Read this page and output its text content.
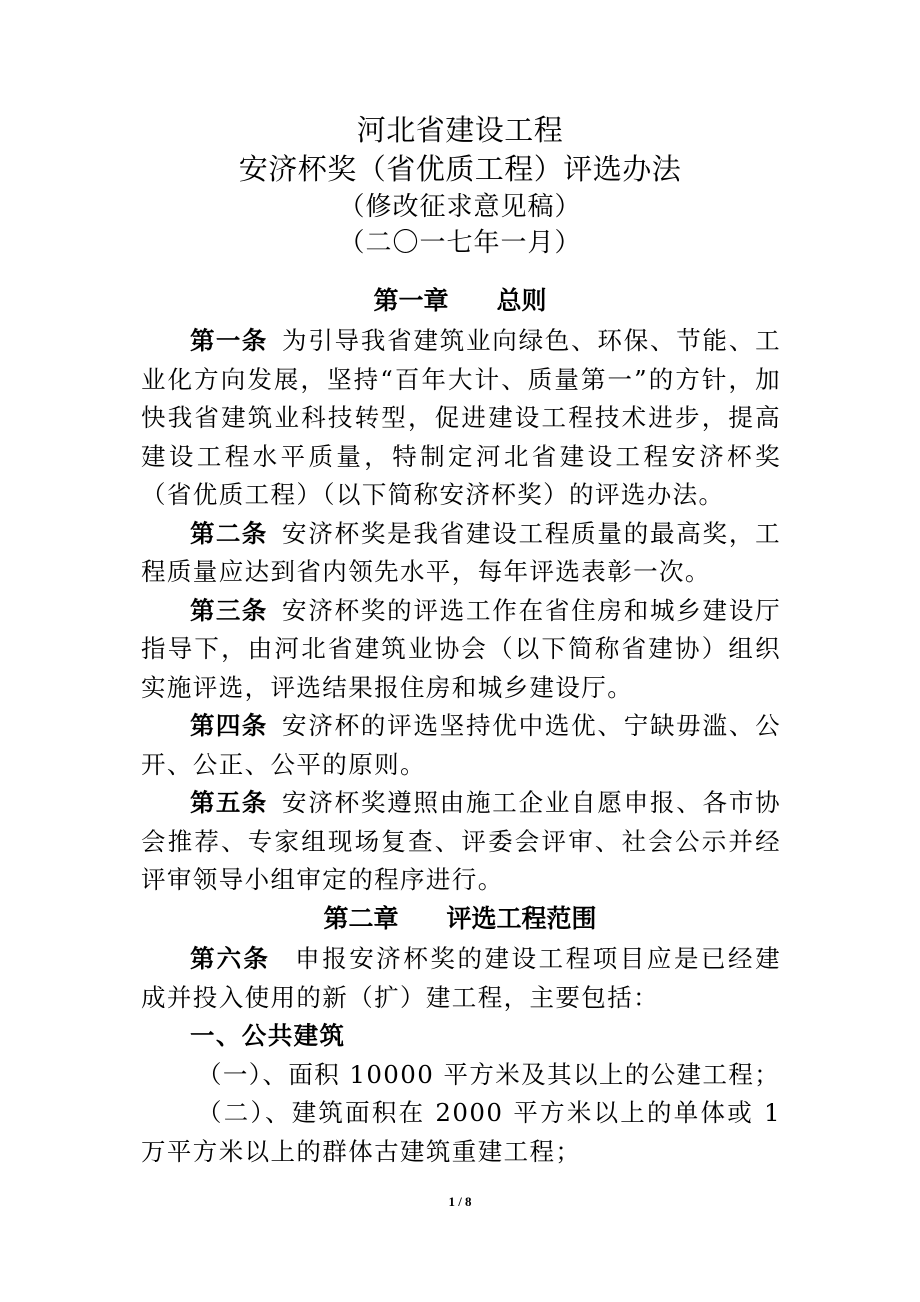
河北省建设工程
安济杯奖（省优质工程）评选办法
（修改征求意见稿）
（二〇一七年一月）
第一章 总则

第一条 为引导我省建筑业向绿色、环保、节能、工业化方向发展，坚持“百年大计、质量第一”的方针，加快我省建筑业科技转型，促进建设工程技术进步，提高建设工程水平质量，特制定河北省建设工程安济杯奖（省优质工程）（以下简称安济杯奖）的评选办法。

第二条 安济杯奖是我省建设工程质量的最高奖，工程质量应达到省内领先水平，每年评选表彰一次。

第三条 安济杯奖的评选工作在省住房和城乡建设厅指导下，由河北省建筑业协会（以下简称省建协）组织实施评选，评选结果报住房和城乡建设厅。

第四条 安济杯的评选坚持优中选优、宁缺毋滥、公开、公正、公平的原则。

第五条 安济杯奖遵照由施工企业自愿申报、各市协会推荐、专家组现场复查、评委会评审、社会公示并经评审领导小组审定的程序进行。

第二章 评选工程范围

第六条 申报安济杯奖的建设工程项目应是已经建成并投入使用的新（扩）建工程，主要包括：

一、公共建筑

（一）、面积 10000 平方米及其以上的公建工程；

（二）、建筑面积在 2000 平方米以上的单体或 1 万平方米以上的群体古建筑重建工程；

1 / 8
